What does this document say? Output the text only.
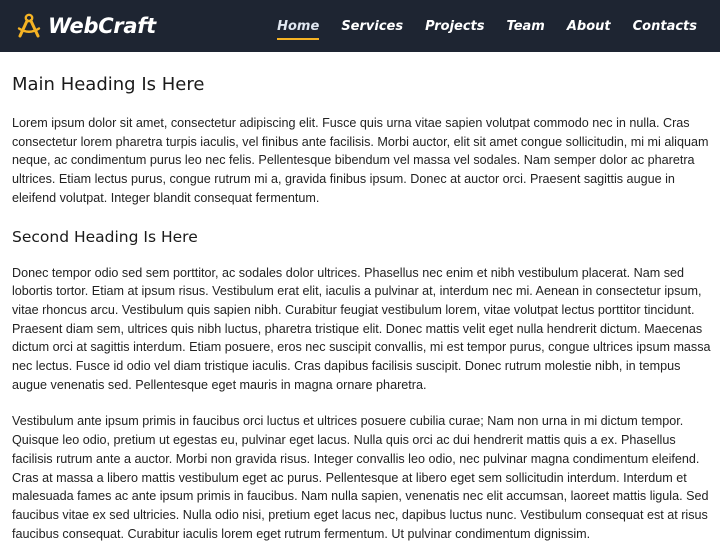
WebCraft	Home	Services	Projects	Team	About	Contacts
Main Heading Is Here

Lorem ipsum dolor sit amet, consectetur adipiscing elit. Fusce quis urna vitae sapien volutpat commodo nec in nulla. Cras consectetur lorem pharetra turpis iaculis, vel finibus ante facilisis. Morbi auctor, elit sit amet congue sollicitudin, mi mi aliquam neque, ac condimentum purus leo nec felis. Pellentesque bibendum vel massa vel sodales. Nam semper dolor ac pharetra ultrices. Etiam lectus purus, congue rutrum mi a, gravida finibus ipsum. Donec at auctor orci. Praesent sagittis augue in eleifend volutpat. Integer blandit consequat fermentum.

Second Heading Is Here

Donec tempor odio sed sem porttitor, ac sodales dolor ultrices. Phasellus nec enim et nibh vestibulum placerat. Nam sed lobortis tortor. Etiam at ipsum risus. Vestibulum erat elit, iaculis a pulvinar at, interdum nec mi. Aenean in consectetur ipsum, vitae rhoncus arcu. Vestibulum quis sapien nibh. Curabitur feugiat vestibulum lorem, vitae volutpat lectus porttitor tincidunt. Praesent diam sem, ultrices quis nibh luctus, pharetra tristique elit. Donec mattis velit eget nulla hendrerit dictum. Maecenas dictum orci at sagittis interdum. Etiam posuere, eros nec suscipit convallis, mi est tempor purus, congue ultrices ipsum massa nec lectus. Fusce id odio vel diam tristique iaculis. Cras dapibus facilisis suscipit. Donec rutrum molestie nibh, in tempus augue venenatis sed. Pellentesque eget mauris in magna ornare pharetra.

Vestibulum ante ipsum primis in faucibus orci luctus et ultrices posuere cubilia curae; Nam non urna in mi dictum tempor. Quisque leo odio, pretium ut egestas eu, pulvinar eget lacus. Nulla quis orci ac dui hendrerit mattis quis a ex. Phasellus facilisis rutrum ante a auctor. Morbi non gravida risus. Integer convallis leo odio, nec pulvinar magna condimentum eleifend. Cras at massa a libero mattis vestibulum eget ac purus. Pellentesque at libero eget sem sollicitudin interdum. Interdum et malesuada fames ac ante ipsum primis in faucibus. Nam nulla sapien, venenatis nec elit accumsan, laoreet mattis ligula. Sed faucibus vitae ex sed ultricies. Nulla odio nisi, pretium eget lacus nec, dapibus luctus nunc. Vestibulum consequat est at risus faucibus consequat. Curabitur iaculis lorem eget rutrum fermentum. Ut pulvinar condimentum dignissim.
